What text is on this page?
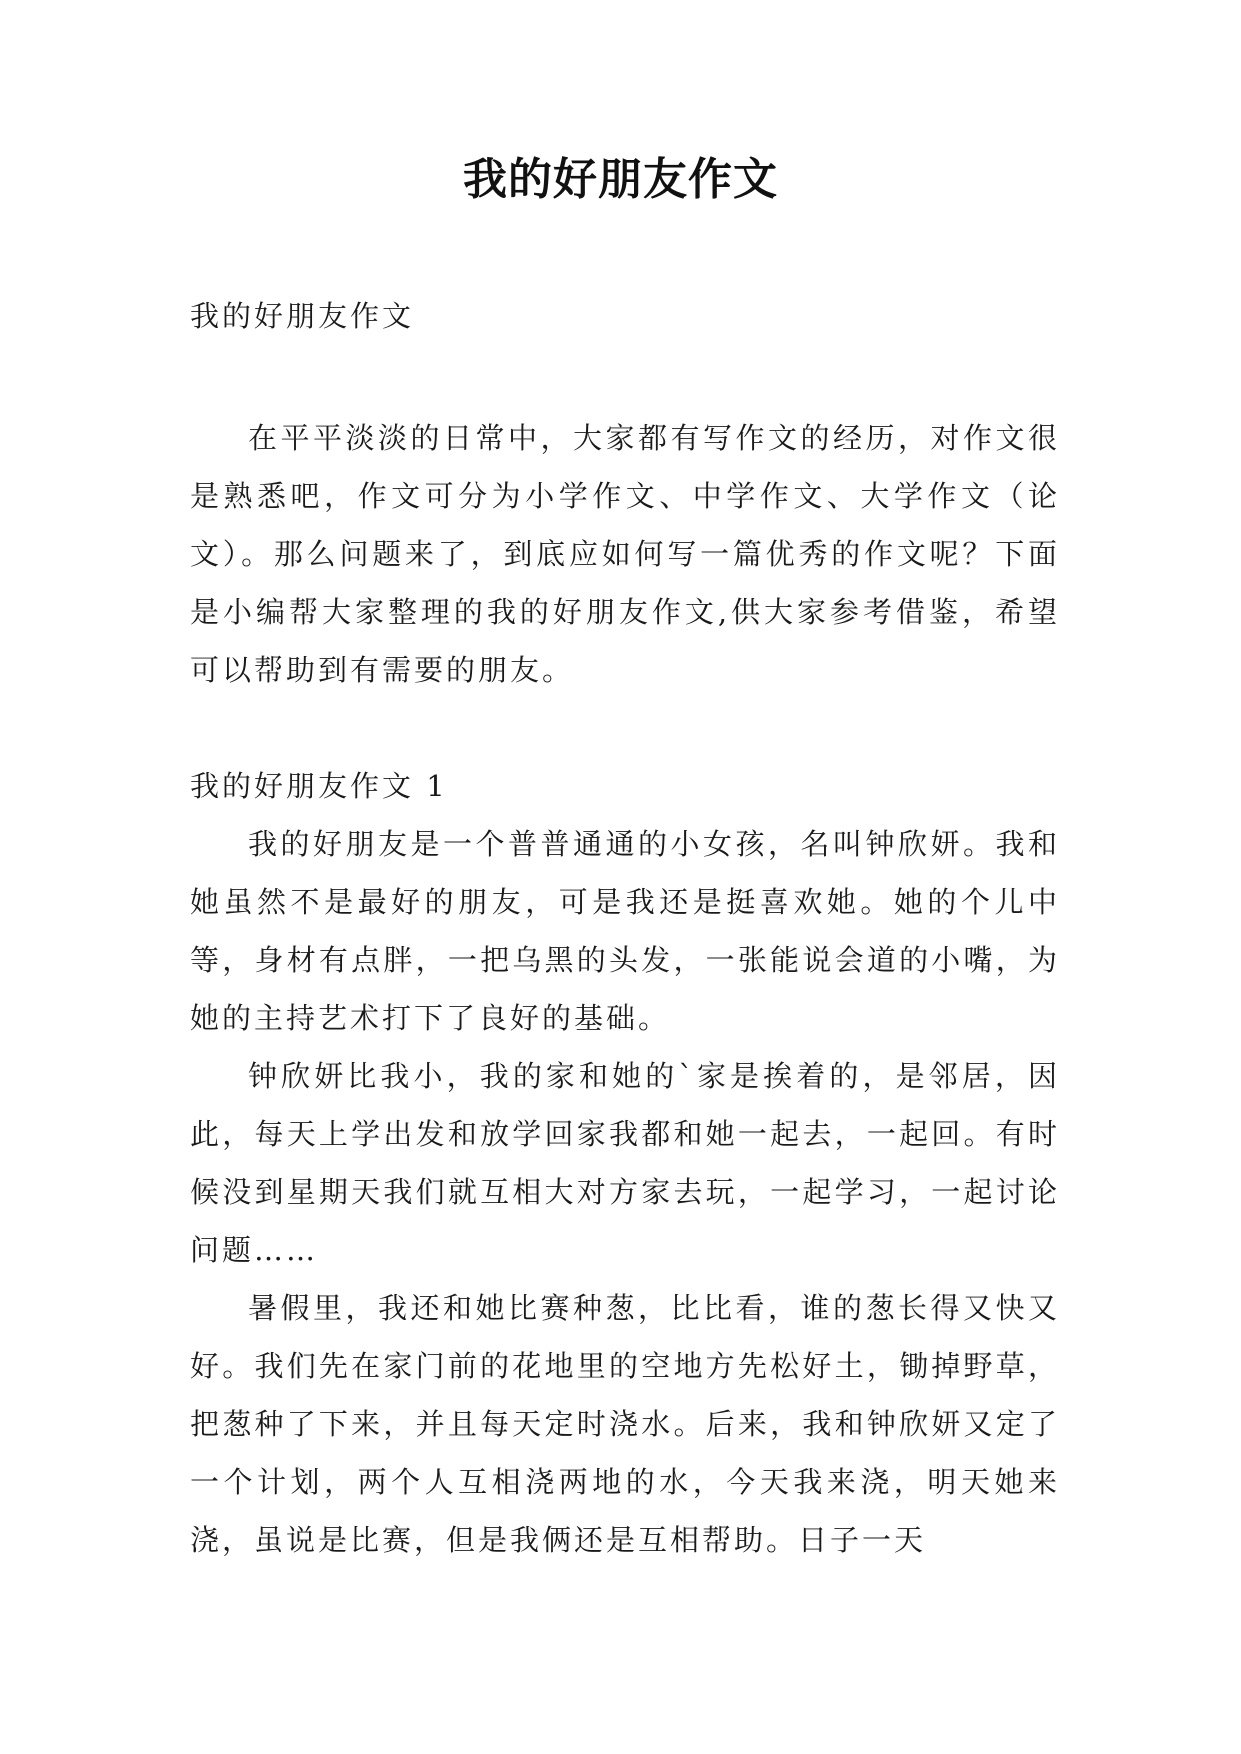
我的好朋友作文

我的好朋友作文

在平平淡淡的日常中，大家都有写作文的经历，对作文很是熟悉吧，作文可分为小学作文、中学作文、大学作文（论文）。那么问题来了，到底应如何写一篇优秀的作文呢？下面是小编帮大家整理的我的好朋友作文,供大家参考借鉴，希望可以帮助到有需要的朋友。

我的好朋友作文 1

我的好朋友是一个普普通通的小女孩，名叫钟欣妍。我和她虽然不是最好的朋友，可是我还是挺喜欢她。她的个儿中等，身材有点胖，一把乌黑的头发，一张能说会道的小嘴，为她的主持艺术打下了良好的基础。

钟欣妍比我小，我的家和她的`家是挨着的，是邻居，因此，每天上学出发和放学回家我都和她一起去，一起回。有时候没到星期天我们就互相大对方家去玩，一起学习，一起讨论问题……

暑假里，我还和她比赛种葱，比比看，谁的葱长得又快又好。我们先在家门前的花地里的空地方先松好土，锄掉野草，把葱种了下来，并且每天定时浇水。后来，我和钟欣妍又定了一个计划，两个人互相浇两地的水，今天我来浇，明天她来浇，虽说是比赛，但是我俩还是互相帮助。日子一天
